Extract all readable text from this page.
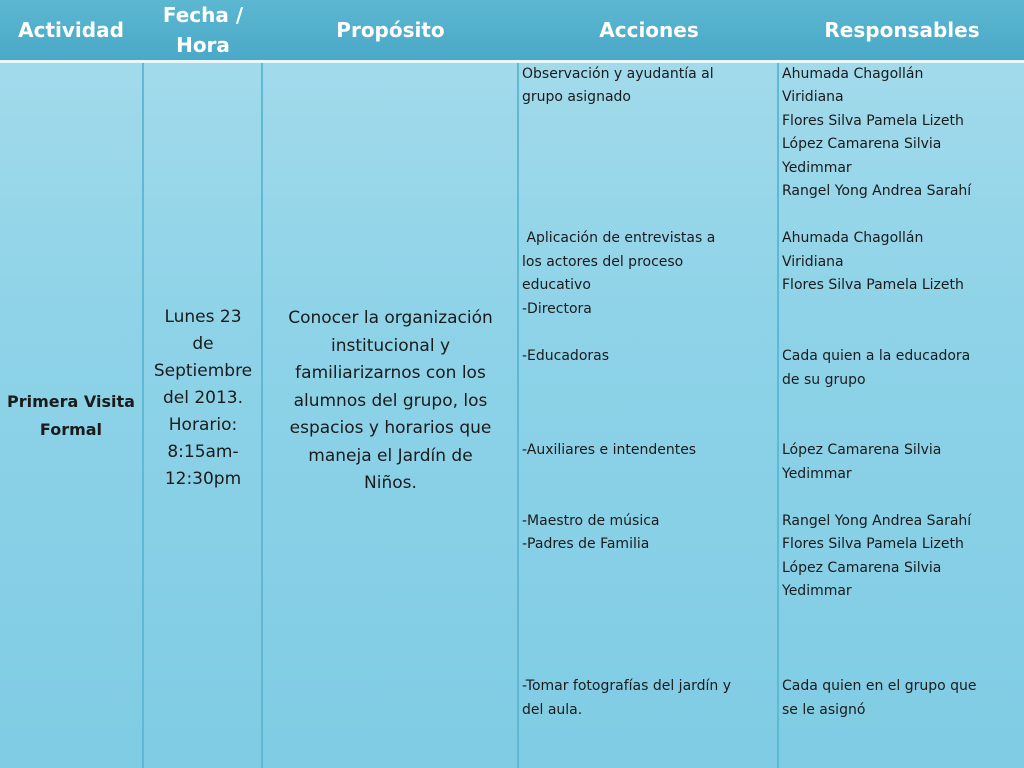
Actividad
Fecha /
Hora
Propósito	Acciones	Responsables
Primera Visita
Formal
Lunes 23
de
Septiembre
del 2013.
Horario:
8:15am-
12:30pm
Conocer la organización
institucional y
familiarizarnos con los
alumnos del grupo, los
espacios y horarios que
maneja el Jardín de
Niños.
Observación y ayudantía al
grupo asignado
Aplicación de entrevistas a
los actores del proceso
educativo
-Directora
-Educadoras
-Auxiliares e intendentes
-Maestro de música
-Padres de Familia
-Tomar fotografías del jardín y
del aula.
Ahumada Chagollán
Viridiana
Flores Silva Pamela Lizeth
López Camarena Silvia
Yedimmar
Rangel Yong Andrea Sarahí
Ahumada Chagollán
Viridiana
Flores Silva Pamela Lizeth
Cada quien a la educadora
de su grupo
López Camarena Silvia
Yedimmar
Rangel Yong Andrea Sarahí
Flores Silva Pamela Lizeth
López Camarena Silvia
Yedimmar
Cada quien en el grupo que
se le asignó
